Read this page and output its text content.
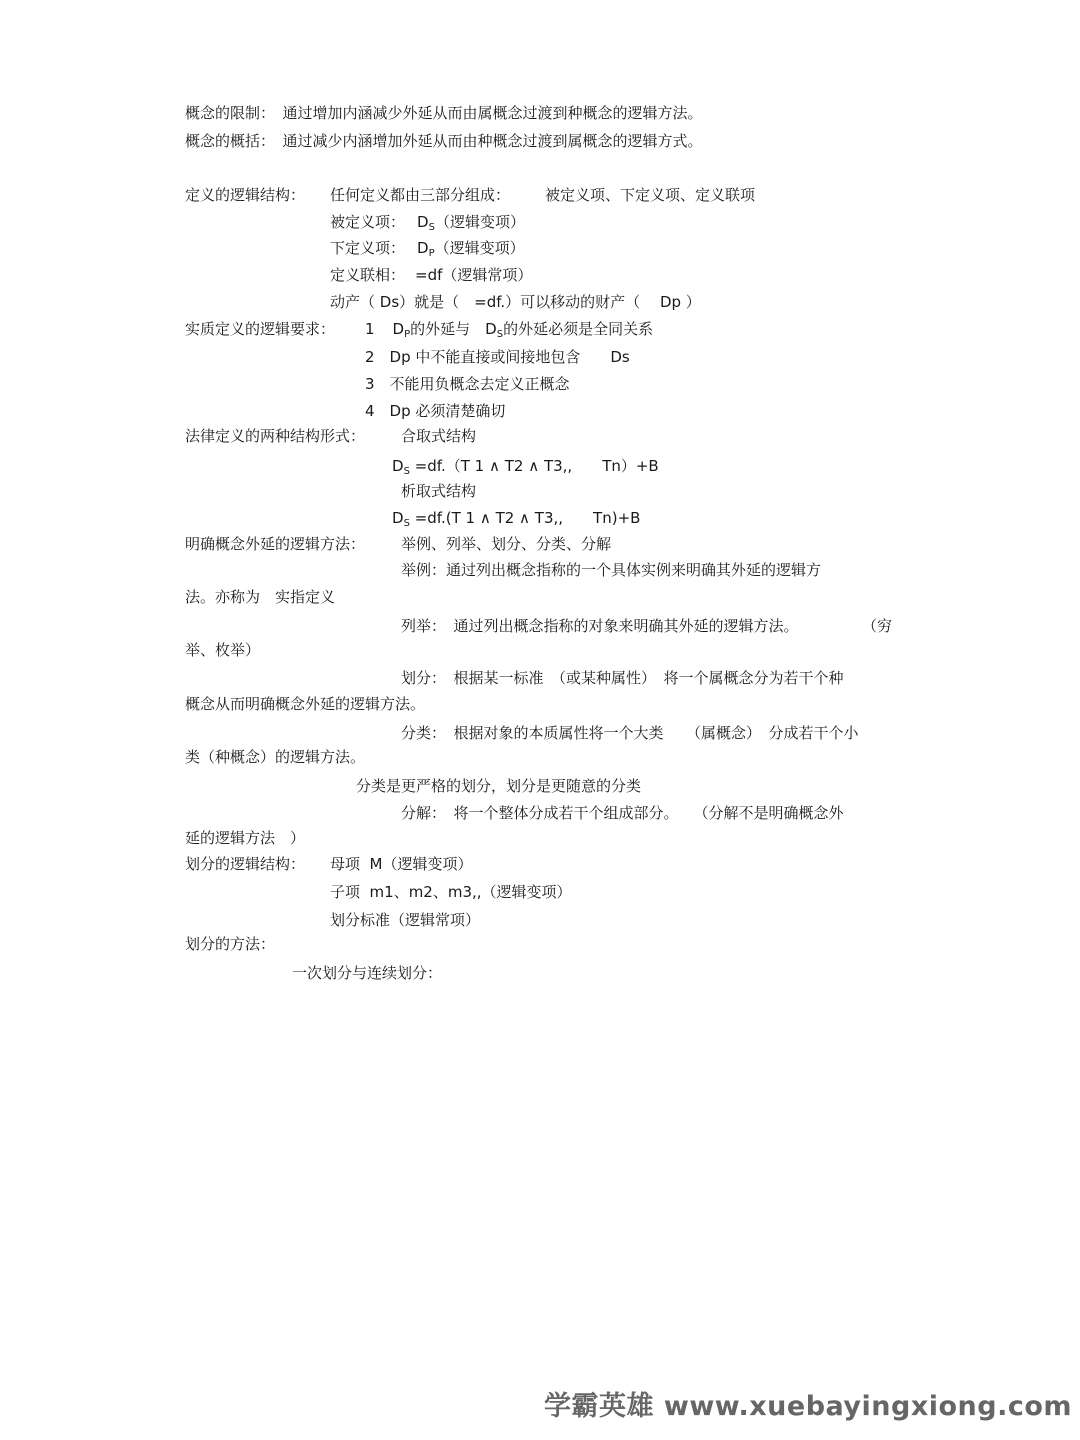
概念的限制：　通过增加内涵减少外延从而由属概念过渡到种概念的逻辑方法。
概念的概括：　通过减少内涵增加外延从而由种概念过渡到属概念的逻辑方式。
定义的逻辑结构： 任何定义都由三部分组成： 被定义项、下定义项、定义联项
被定义项： $D_S$（逻辑变项）
下定义项： $D_P$（逻辑变项）
定义联相： =df（逻辑常项）
动产（ Ds）就是（　=df.）可以移动的财产（　 Dp ）
实质定义的逻辑要求： 1 $D_P$的外延与　$D_S$的外延必须是全同关系
2　Dp 中不能直接或间接地包含　　Ds
3　不能用负概念去定义正概念
4　Dp 必须清楚确切
法律定义的两种结构形式： 合取式结构
$D_S =df.(T$ 1 ∧ T2 ∧ T3,,　　Tn）+B
析取式结构
$D_S =df.(T$ 1 ∧ T2 ∧ T3,,　　Tn)+B
明确概念外延的逻辑方法： 举例、列举、划分、分类、分解
举例：通过列出概念指称的一个具体实例来明确其外延的逻辑方
法。亦称为　实指定义
列举：　通过列出概念指称的对象来明确其外延的逻辑方法。	（穷
举、枚举）
划分：　根据某一标准　（或某种属性）　将一个属概念分为若干个种
概念从而明确概念外延的逻辑方法。
分类：　根据对象的本质属性将一个大类　　（属概念）　分成若干个小
类（种概念）的逻辑方法。
分类是更严格的划分，划分是更随意的分类
分解：　将一个整体分成若干个组成部分。　　（分解不是明确概念外
延的逻辑方法　）
划分的逻辑结构： 母项  M（逻辑变项）
子项  m1、m2、m3,,（逻辑变项）
划分标准（逻辑常项）
划分的方法：
一次划分与连续划分：
学霸英雄 www.xuebayingxiong.com
